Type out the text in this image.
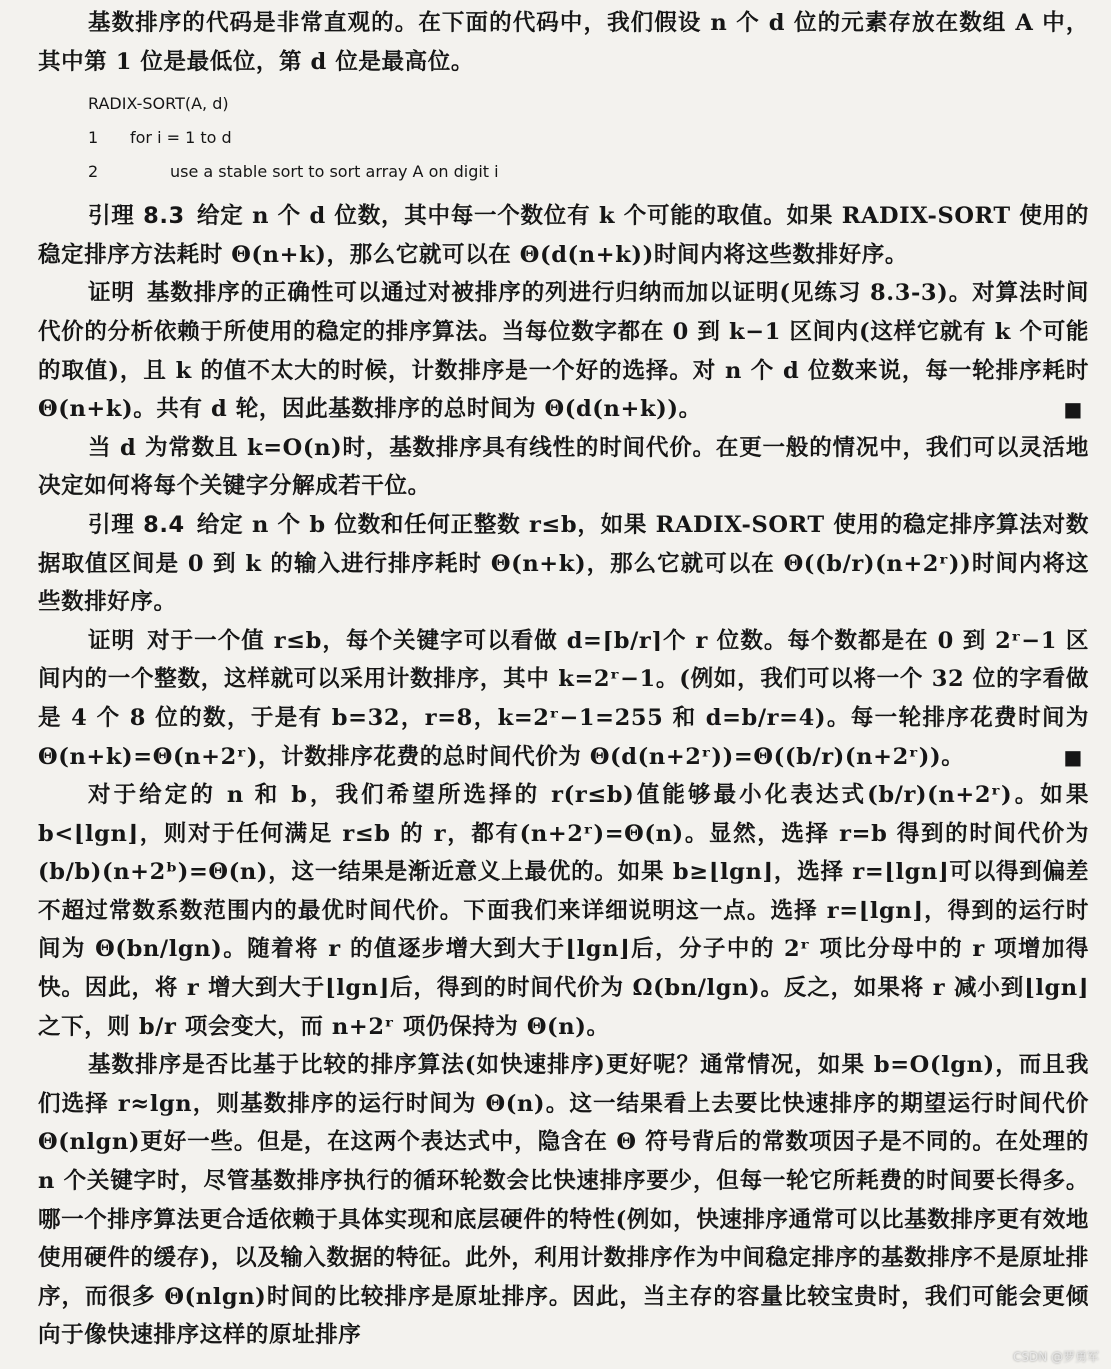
基数排序的代码是非常直观的。在下面的代码中，我们假设 n 个 d 位的元素存放在数组 A 中，其中第 1 位是最低位，第 d 位是最高位。

RADIX-SORT(A, d)
1 for i = 1 to d
2	use a stable sort to sort array A on digit i

引理 8.3 给定 n 个 d 位数，其中每一个数位有 k 个可能的取值。如果 RADIX-SORT 使用的稳定排序方法耗时 Θ(n+k)，那么它就可以在 Θ(d(n+k))时间内将这些数排好序。

证明 基数排序的正确性可以通过对被排序的列进行归纳而加以证明(见练习 8.3-3)。对算法时间代价的分析依赖于所使用的稳定的排序算法。当每位数字都在 0 到 k−1 区间内(这样它就有 k 个可能的取值)，且 k 的值不太大的时候，计数排序是一个好的选择。对 n 个 d 位数来说，每一轮排序耗时 Θ(n+k)。共有 d 轮，因此基数排序的总时间为 Θ(d(n+k))。	■

当 d 为常数且 k=O(n)时，基数排序具有线性的时间代价。在更一般的情况中，我们可以灵活地决定如何将每个关键字分解成若干位。

引理 8.4 给定 n 个 b 位数和任何正整数 r≤b，如果 RADIX-SORT 使用的稳定排序算法对数据取值区间是 0 到 k 的输入进行排序耗时 Θ(n+k)，那么它就可以在 Θ((b/r)(n+2ʳ))时间内将这些数排好序。

证明 对于一个值 r≤b，每个关键字可以看做 d=⌈b/r⌉个 r 位数。每个数都是在 0 到 2ʳ−1 区间内的一个整数，这样就可以采用计数排序，其中 k=2ʳ−1。(例如，我们可以将一个 32 位的字看做是 4 个 8 位的数，于是有 b=32，r=8，k=2ʳ−1=255 和 d=b/r=4)。每一轮排序花费时间为 Θ(n+k)=Θ(n+2ʳ)，计数排序花费的总时间代价为 Θ(d(n+2ʳ))=Θ((b/r)(n+2ʳ))。	■

对于给定的 n 和 b，我们希望所选择的 r(r≤b)值能够最小化表达式(b/r)(n+2ʳ)。如果 b<⌊lgn⌋，则对于任何满足 r≤b 的 r，都有(n+2ʳ)=Θ(n)。显然，选择 r=b 得到的时间代价为(b/b)(n+2ᵇ)=Θ(n)，这一结果是渐近意义上最优的。如果 b≥⌊lgn⌋，选择 r=⌊lgn⌋可以得到偏差不超过常数系数范围内的最优时间代价。下面我们来详细说明这一点。选择 r=⌊lgn⌋，得到的运行时间为 Θ(bn/lgn)。随着将 r 的值逐步增大到大于⌊lgn⌋后，分子中的 2ʳ 项比分母中的 r 项增加得快。因此，将 r 增大到大于⌊lgn⌋后，得到的时间代价为 Ω(bn/lgn)。反之，如果将 r 减小到⌊lgn⌋之下，则 b/r 项会变大，而 n+2ʳ 项仍保持为 Θ(n)。

基数排序是否比基于比较的排序算法(如快速排序)更好呢？通常情况，如果 b=O(lgn)，而且我们选择 r≈lgn，则基数排序的运行时间为 Θ(n)。这一结果看上去要比快速排序的期望运行时间代价 Θ(nlgn)更好一些。但是，在这两个表达式中，隐含在 Θ 符号背后的常数项因子是不同的。在处理的 n 个关键字时，尽管基数排序执行的循环轮数会比快速排序要少，但每一轮它所耗费的时间要长得多。哪一个排序算法更合适依赖于具体实现和底层硬件的特性(例如，快速排序通常可以比基数排序更有效地使用硬件的缓存)，以及输入数据的特征。此外，利用计数排序作为中间稳定排序的基数排序不是原址排序，而很多 Θ(nlgn)时间的比较排序是原址排序。因此，当主存的容量比较宝贵时，我们可能会更倾向于像快速排序这样的原址排序

CSDN @罗勇军
